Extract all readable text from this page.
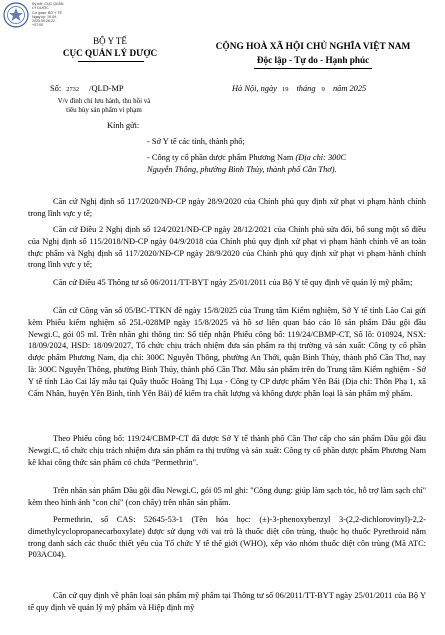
Ký bởi: CỤC QUẢN
LÝ DƯỢC
Cơ quan: BỘ Y TẾ
Ngày ký: 19-09-
2025 09:26:22
+07:00
BỘ Y TẾ
CỤC QUẢN LÝ DƯỢC
CỘNG HOÀ XÃ HỘI CHỦ NGHĨA VIỆT NAM
Độc lập - Tự do - Hạnh phúc
Số: 2732 /QLD-MP
V/v đình chỉ lưu hành, thu hồi và
tiêu hủy sản phẩm vi phạm
Hà Nội, ngày 19 tháng 9 năm 2025
Kính gửi:
- Sở Y tế các tỉnh, thành phố;
- Công ty cổ phần dược phẩm Phương Nam (Địa chỉ: 300C
Nguyễn Thông, phường Bình Thủy, thành phố Cần Thơ).
Căn cứ Nghị định số 117/2020/NĐ-CP ngày 28/9/2020 của Chính phủ quy định xử phạt vi phạm hành chính trong lĩnh vực y tế;
Căn cứ Điều 2 Nghị định số 124/2021/NĐ-CP ngày 28/12/2021 của Chính phủ sửa đổi, bổ sung một số điều của Nghị định số 115/2018/NĐ-CP ngày 04/9/2018 của Chính phủ quy định xử phạt vi phạm hành chính về an toàn thực phẩm và Nghị định số 117/2020/NĐ-CP ngày 28/9/2020 của Chính phủ quy định xử phạt vi phạm hành chính trong lĩnh vực y tế;
Căn cứ Điều 45 Thông tư số 06/2011/TT-BYT ngày 25/01/2011 của Bộ Y tế quy định về quản lý mỹ phẩm;
Căn cứ Công văn số 05/BC-TTKN đề ngày 15/8/2025 của Trung tâm Kiểm nghiệm, Sở Y tế tỉnh Lào Cai gửi kèm Phiếu kiểm nghiệm số 25L-028MP ngày 15/8/2025 và hồ sơ liên quan báo cáo lô sản phẩm Dầu gội đầu Newgi.C, gói 05 ml. Trên nhãn ghi thông tin: Số tiếp nhận Phiếu công bố: 119/24/CBMP-CT, Số lô: 010924, NSX: 18/09/2024, HSD: 18/09/2027, Tổ chức chịu trách nhiệm đưa sản phẩm ra thị trường và sản xuất: Công ty cổ phần dược phẩm Phương Nam, địa chỉ: 300C Nguyễn Thông, phường An Thới, quận Bình Thủy, thành phố Cần Thơ, nay là: 300C Nguyễn Thông, phường Bình Thủy, thành phố Cần Thơ. Mẫu sản phẩm trên do Trung tâm Kiểm nghiệm - Sở Y tế tỉnh Lào Cai lấy mẫu tại Quầy thuốc Hoàng Thị Lụa - Công ty CP dược phẩm Yên Bái (Địa chỉ: Thôn Phạ 1, xã Cẩm Nhân, huyện Yên Bình, tỉnh Yên Bái) để kiểm tra chất lượng và không được phân loại là sản phẩm mỹ phẩm.
Theo Phiếu công bố: 119/24/CBMP-CT đã được Sở Y tế thành phố Cần Thơ cấp cho sản phẩm Dầu gội đầu Newgi.C, tổ chức chịu trách nhiệm đưa sản phẩm ra thị trường và sản xuất: Công ty cổ phần dược phẩm Phương Nam kê khai công thức sản phẩm có chứa "Permethrin".
Trên nhãn sản phẩm Dầu gội đầu Newgi.C, gói 05 ml ghi: "Công dụng: giúp làm sạch tóc, hỗ trợ làm sạch chí" kèm theo hình ảnh "con chí" (con chấy) trên nhãn sản phẩm.
Permethrin, số CAS: 52645-53-1 (Tên hóa học: (±)-3-phenoxybenzyl 3-(2,2-dichlorovinyl)-2,2-dimethylcyclopropanecarboxylate) được sử dụng với vai trò là thuốc diệt côn trùng, thuộc họ thuốc Pyrethroid nằm trong danh sách các thuốc thiết yếu của Tổ chức Y tế thế giới (WHO), xếp vào nhóm thuốc diệt côn trùng (Mã ATC: P03AC04).
Căn cứ quy định về phân loại sản phẩm mỹ phẩm tại Thông tư số 06/2011/TT-BYT ngày 25/01/2011 của Bộ Y tế quy định về quản lý mỹ phẩm và Hiệp định mỹ
